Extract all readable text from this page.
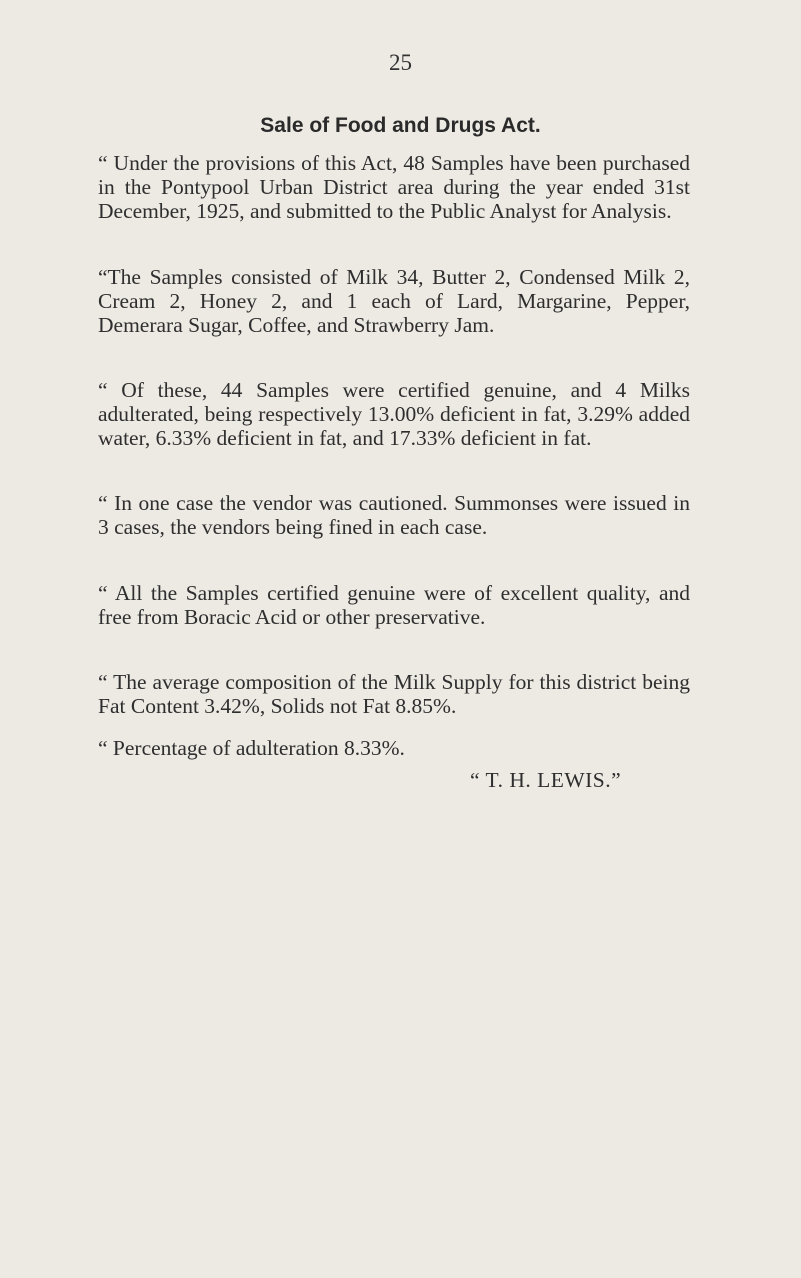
25
Sale of Food and Drugs Act.

“ Under the provisions of this Act, 48 Samples have been purchased in the Pontypool Urban District area during the year ended 31st December, 1925, and submitted to the Public Analyst for Analysis.

“The Samples consisted of Milk 34, Butter 2, Condensed Milk 2, Cream 2, Honey 2, and 1 each of Lard, Margarine, Pepper, Demerara Sugar, Coffee, and Strawberry Jam.

“ Of these, 44 Samples were certified genuine, and 4 Milks adulterated, being respectively 13.00% deficient in fat, 3.29% added water, 6.33% deficient in fat, and 17.33% deficient in fat.

“ In one case the vendor was cautioned. Summonses were issued in 3 cases, the vendors being fined in each case.

“ All the Samples certified genuine were of excellent quality, and free from Boracic Acid or other preservative.

“ The average composition of the Milk Supply for this district being Fat Content 3.42%, Solids not Fat 8.85%.

“ Percentage of adulteration 8.33%.

“ T. H. LEWIS.”
